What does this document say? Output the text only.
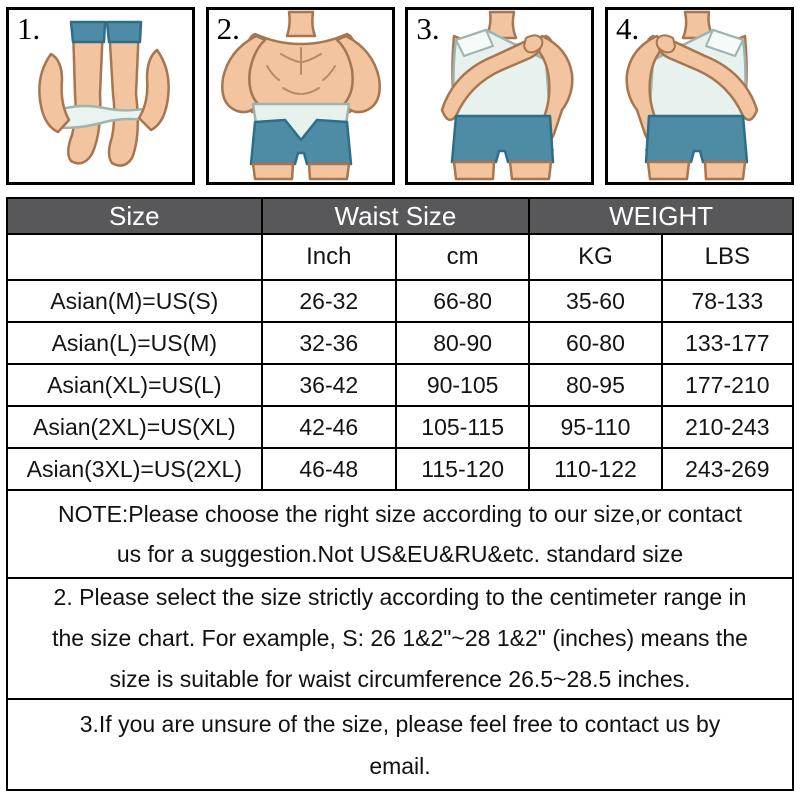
1.	2.	3.	4.
Size	Waist Size		WEIGHT	
	Inch	cm	KG	LBS
Asian(M)=US(S)	26-32	66-80	35-60	78-133
Asian(L)=US(M)	32-36	80-90	60-80	133-177
Asian(XL)=US(L)	36-42	90-105	80-95	177-210
Asian(2XL)=US(XL)	42-46	105-115	95-110	210-243
Asian(3XL)=US(2XL)	46-48	115-120	110-122	243-269
NOTE:Please choose the right size according to our size,or contact
us for a suggestion.Not US&EU&RU&etc. standard size
2. Please select the size strictly according to the centimeter range in
the size chart. For example, S: 26 1&2"~28 1&2" (inches) means the
size is suitable for waist circumference 26.5~28.5 inches.
3.If you are unsure of the size, please feel free to contact us by
email.
